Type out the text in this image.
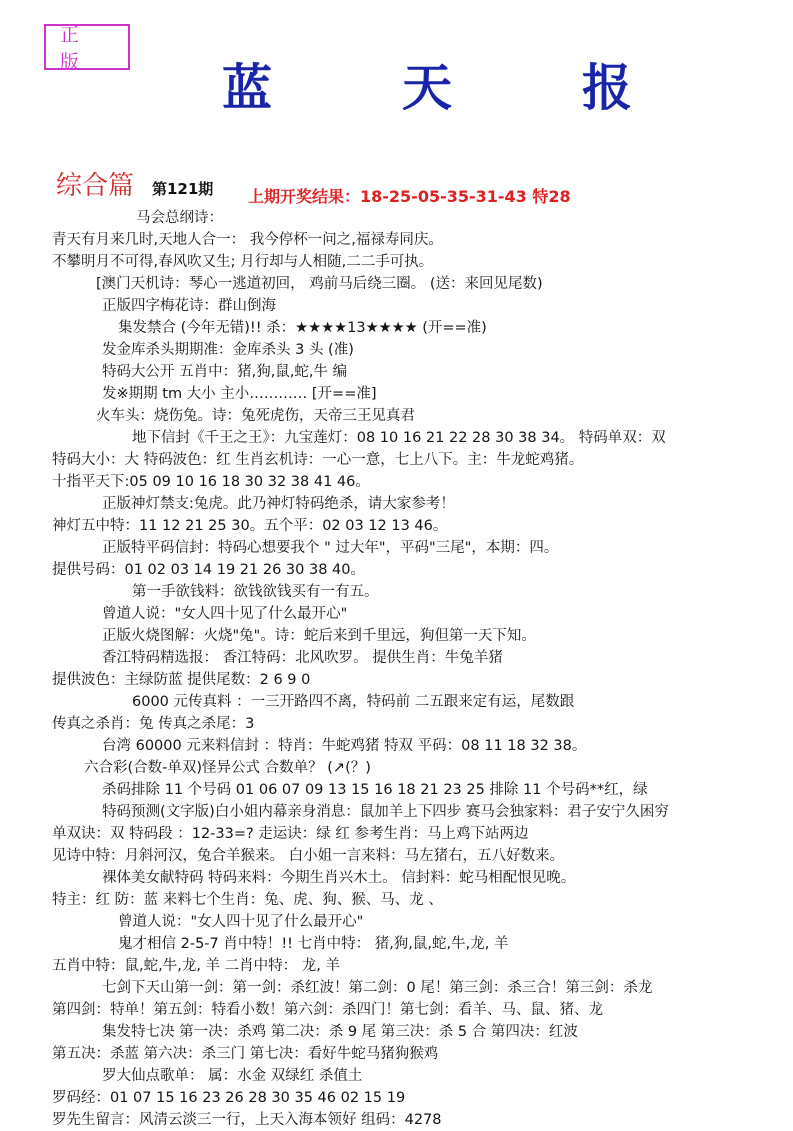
正 版	蓝	天	报
综合篇 第121期 上期开奖结果：18-25-05-35-31-43 特28
马会总纲诗：
青天有月来几时,天地人合一： 我今停杯一问之,福禄寿同庆。
不攀明月不可得,春风吹又生; 月行却与人相随,二二手可执。
[澳门天机诗：琴心一逃道初回， 鸡前马后绕三圈。 (送：来回见尾数)
正版四字梅花诗：群山倒海
集发禁合 (今年无错)!! 杀：★★★★13★★★★ (开==准)
发金库杀头期期准：金库杀头 3 头 (准)
特码大公开 五肖中：猪,狗,鼠,蛇,牛 编
发※期期 tm 大小 主小………… [开==准]
火车头：烧伤兔。诗：兔死虎伤，天帝三王见真君
地下信封《千王之王》：九宝莲灯：08 10 16 21 22 28 30 38 34。 特码单双：双
特码大小：大 特码波色：红 生肖玄机诗：一心一意，七上八下。主：牛龙蛇鸡猪。
十指平天下:05 09 10 16 18 30 32 38 41 46。
正版神灯禁支:兔虎。此乃神灯特码绝杀，请大家参考！
神灯五中特：11 12 21 25 30。五个平：02 03 12 13 46。
正版特平码信封：特码心想要我个 " 过大年"，平码"三尾"，本期：四。
提供号码：01 02 03 14 19 21 26 30 38 40。
第一手欲钱料：欲钱欲钱买有一有五。
曾道人说："女人四十见了什么最开心"
正版火烧图解：火烧"兔"。诗：蛇后来到千里远，狗但第一天下知。
香江特码精选报： 香江特码：北风吹罗。 提供生肖：牛兔羊猪
提供波色：主绿防蓝 提供尾数：2 6 9 0
6000 元传真料 ：一三开路四不离，特码前 二五跟来定有运，尾数跟
传真之杀肖：兔 传真之杀尾：3
台湾 60000 元来料信封 ：特肖：牛蛇鸡猪 特双 平码：08 11 18 32 38。
六合彩(合数-单双)怪异公式 合数单？ (↗(？)
杀码排除 11 个号码 01 06 07 09 13 15 16 18 21 23 25 排除 11 个号码**红，绿
特码预测(文字版)白小姐内幕亲身消息：鼠加羊上下四步 赛马会独家料：君子安宁久困穷
单双诀：双 特码段 ：12-33=? 走运诀：绿 红 参考生肖：马上鸡下站两边
见诗中特：月斜河汉，兔合羊猴来。 白小姐一言来料：马左猪右，五八好数来。
裸体美女献特码 特码来料：今期生肖兴木土。 信封料：蛇马相配恨见晚。
特主：红 防：蓝 来料七个生肖：兔、虎、狗、猴、马、龙 、
曾道人说："女人四十见了什么最开心"
鬼才相信 2-5-7 肖中特！!! 七肖中特： 猪,狗,鼠,蛇,牛,龙, 羊
五肖中特：鼠,蛇,牛,龙, 羊 二肖中特： 龙, 羊
七剑下天山第一剑：第一剑：杀红波！第二剑：0 尾！第三剑：杀三合！第三剑：杀龙
第四剑：特单！第五剑：特看小数！第六剑：杀四门！第七剑：看羊、马、鼠、猪、龙
集发特七决 第一决：杀鸡 第二决：杀 9 尾 第三决：杀 5 合 第四决：红波
第五决：杀蓝 第六决：杀三门 第七决：看好牛蛇马猪狗猴鸡
罗大仙点歌单： 属：水金 双绿红 杀值土
罗码经：01 07 15 16 23 26 28 30 35 46 02 15 19
罗先生留言：风清云淡三一行，上天入海本领好 组码：4278
